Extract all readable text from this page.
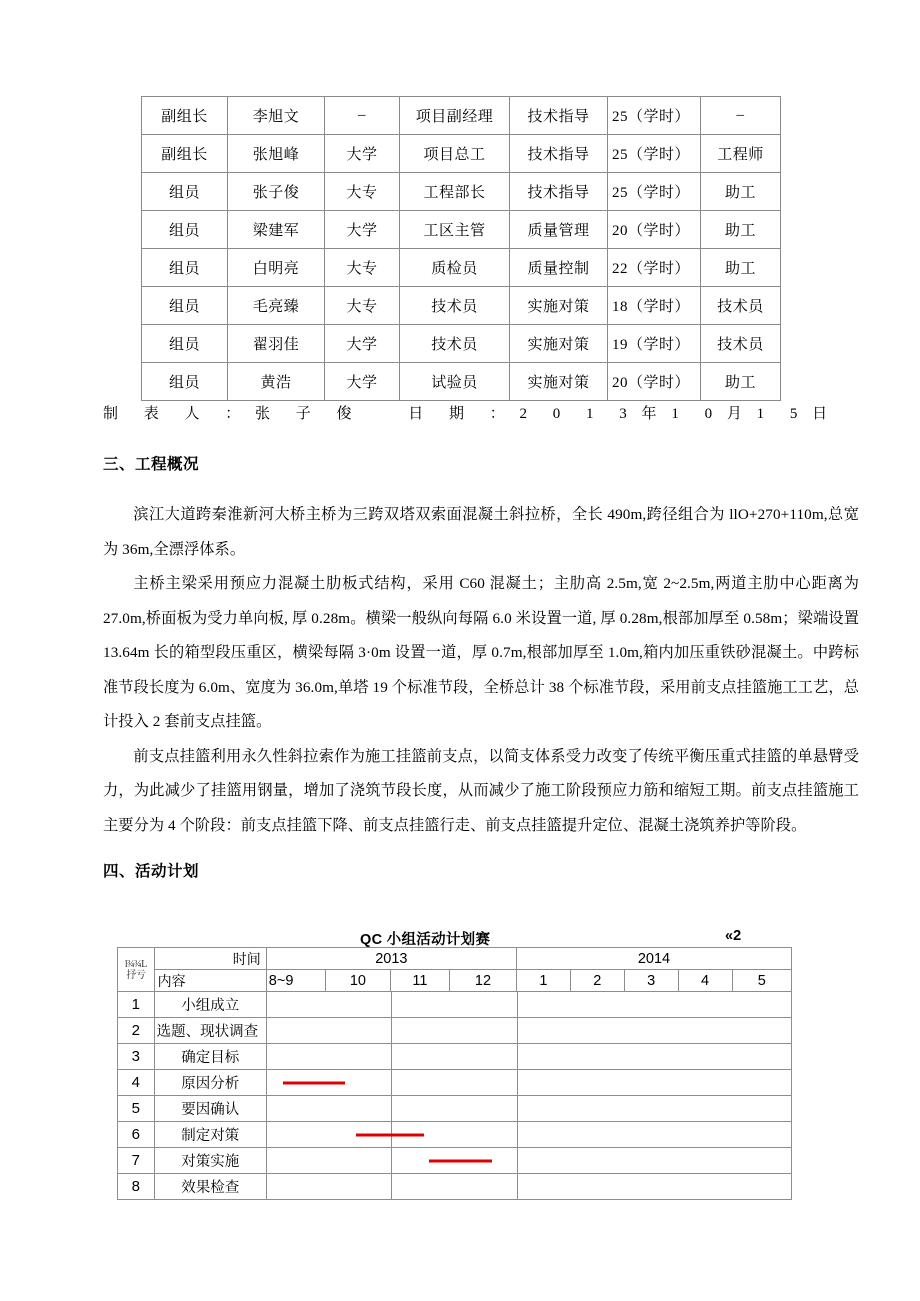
副组长	李旭文	–	项目副经理	技术指导	25（学时）	–
副组长	张旭峰	大学	项目总工	技术指导	25（学时）	工程师
组员	张子俊	大专	工程部长	技术指导	25（学时）	助工
组员	梁建军	大学	工区主管	质量管理	20（学时）	助工
组员	白明亮	大专	质检员	质量控制	22（学时）	助工
组员	毛亮臻	大专	技术员	实施对策	18（学时）	技术员
组员	翟羽佳	大学	技术员	实施对策	19（学时）	技术员
组员	黄浩	大学	试验员	实施对策	20（学时）	助工
制 表 人 ： 张 子 俊	日 期 ： 2 0 1 3 年 1 0 月 1 5 日
三、工程概况

滨江大道跨秦淮新河大桥主桥为三跨双塔双索面混凝土斜拉桥，全长 490m,跨径组合为 llO+270+110m,总宽为 36m,全漂浮体系。

主桥主梁采用预应力混凝土肋板式结构，采用 C60 混凝土；主肋高 2.5m,宽 2~2.5m,两道主肋中心距离为 27.0m,桥面板为受力单向板, 厚 0.28m。横梁一般纵向每隔 6.0 米设置一道, 厚 0.28m,根部加厚至 0.58m；梁端设置 13.64m 长的箱型段压重区，横梁每隔 3·0m 设置一道，厚 0.7m,根部加厚至 1.0m,箱内加压重铁砂混凝土。中跨标准节段长度为 6.0m、宽度为 36.0m,单塔 19 个标准节段，全桥总计 38 个标准节段，采用前支点挂篮施工工艺，总计投入 2 套前支点挂篮。

前支点挂篮利用永久性斜拉索作为施工挂篮前支点，以简支体系受力改变了传统平衡压重式挂篮的单悬臂受力，为此减少了挂篮用钢量，增加了浇筑节段长度，从而减少了施工阶段预应力筋和缩短工期。前支点挂篮施工主要分为 4 个阶段：前支点挂篮下降、前支点挂篮行走、前支点挂篮提升定位、混凝土浇筑养护等阶段。

四、活动计划
QC 小组活动计划赛	«2
l¾¾L
抒亏	时间	2013				2014				
	内容	8~9	10	11	12	1	2	3	4	5
1	小组成立									

2	选题、现状调查									

3	确定目标									

4	原因分析									

5	要因确认									

6	制定对策									

7	对策实施									

8	效果检查									
